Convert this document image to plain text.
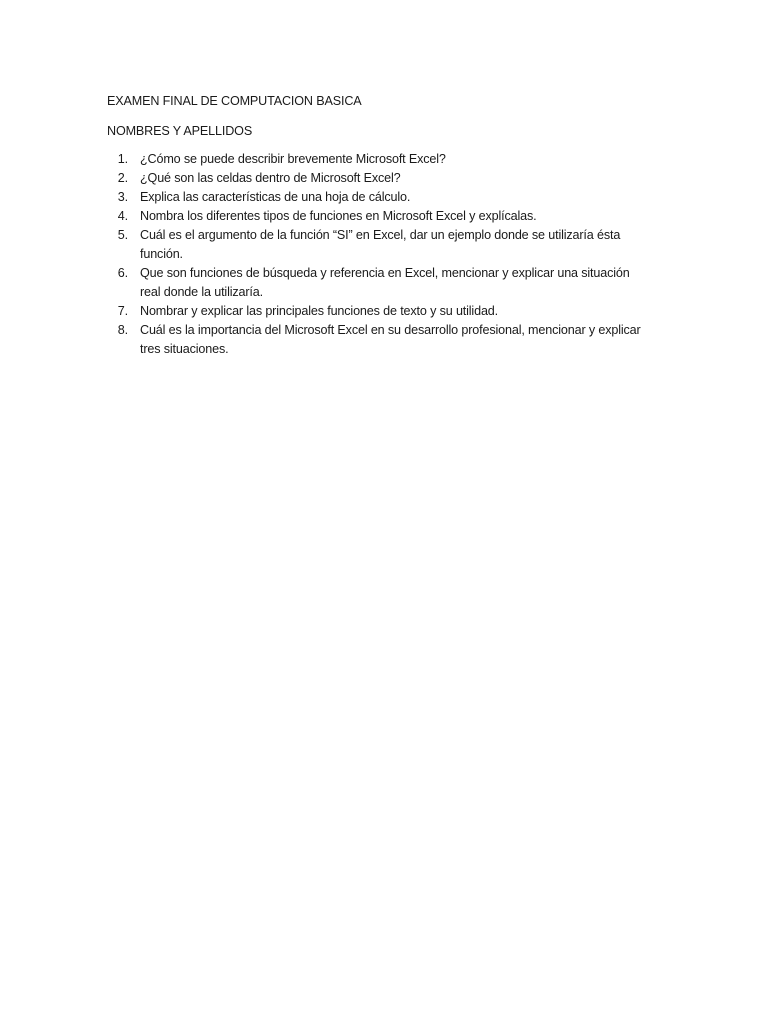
EXAMEN FINAL DE COMPUTACION BASICA

NOMBRES Y APELLIDOS

1. ¿Cómo se puede describir brevemente Microsoft Excel?
2. ¿Qué son las celdas dentro de Microsoft Excel?
3. Explica las características de una hoja de cálculo.
4. Nombra los diferentes tipos de funciones en Microsoft Excel y explícalas.
5. Cuál es el argumento de la función “SI” en Excel, dar un ejemplo donde se utilizaría ésta función.
6. Que son funciones de búsqueda y referencia en Excel, mencionar y explicar una situación real donde la utilizaría.
7. Nombrar y explicar las principales funciones de texto y su utilidad.
8. Cuál es la importancia del Microsoft Excel en su desarrollo profesional, mencionar y explicar tres situaciones.
